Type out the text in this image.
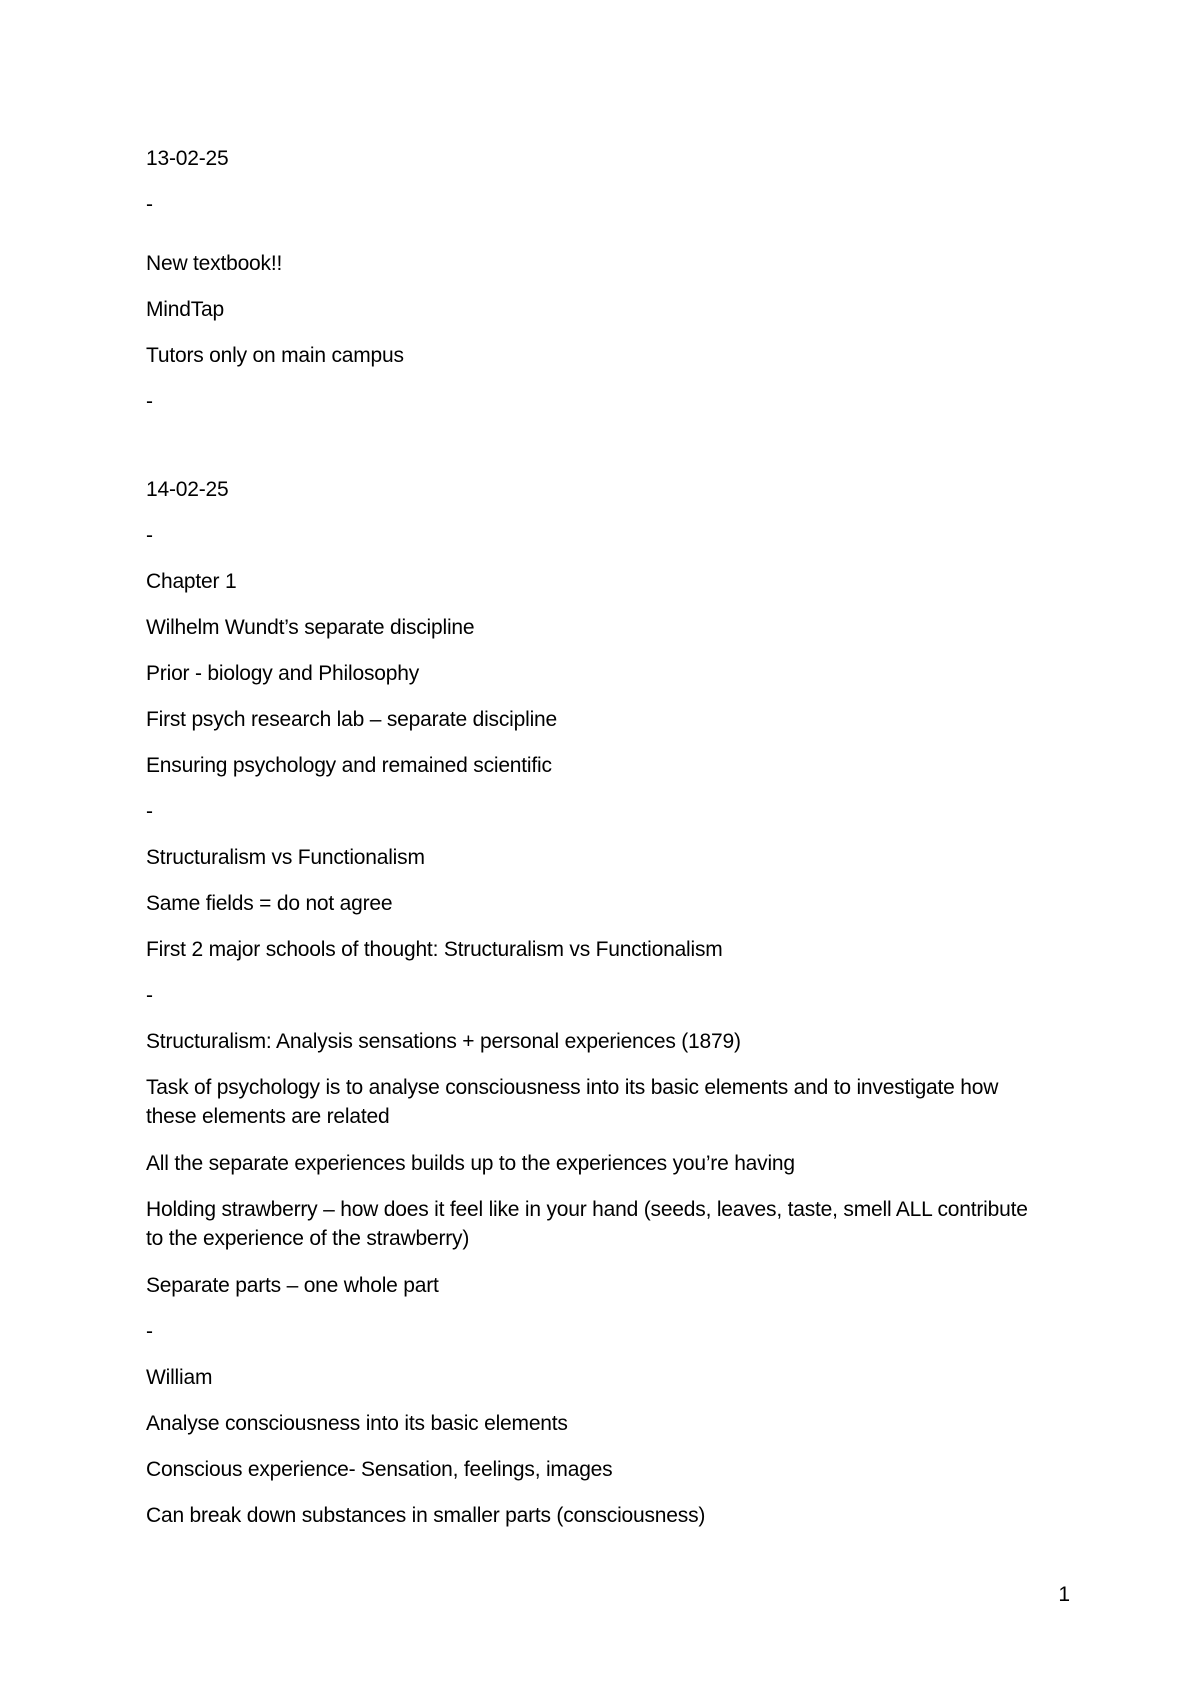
13-02-25
-
New textbook!!
MindTap
Tutors only on main campus
-
14-02-25
-
Chapter 1
Wilhelm Wundt’s separate discipline
Prior - biology and Philosophy
First psych research lab – separate discipline
Ensuring psychology and remained scientific
-
Structuralism vs Functionalism
Same fields = do not agree
First 2 major schools of thought: Structuralism vs Functionalism
-
Structuralism: Analysis sensations + personal experiences (1879)
Task of psychology is to analyse consciousness into its basic elements and to investigate how these elements are related
All the separate experiences builds up to the experiences you’re having
Holding strawberry – how does it feel like in your hand (seeds, leaves, taste, smell ALL contribute to the experience of the strawberry)
Separate parts – one whole part
-
William
Analyse consciousness into its basic elements
Conscious experience- Sensation, feelings, images
Can break down substances in smaller parts (consciousness)
1
